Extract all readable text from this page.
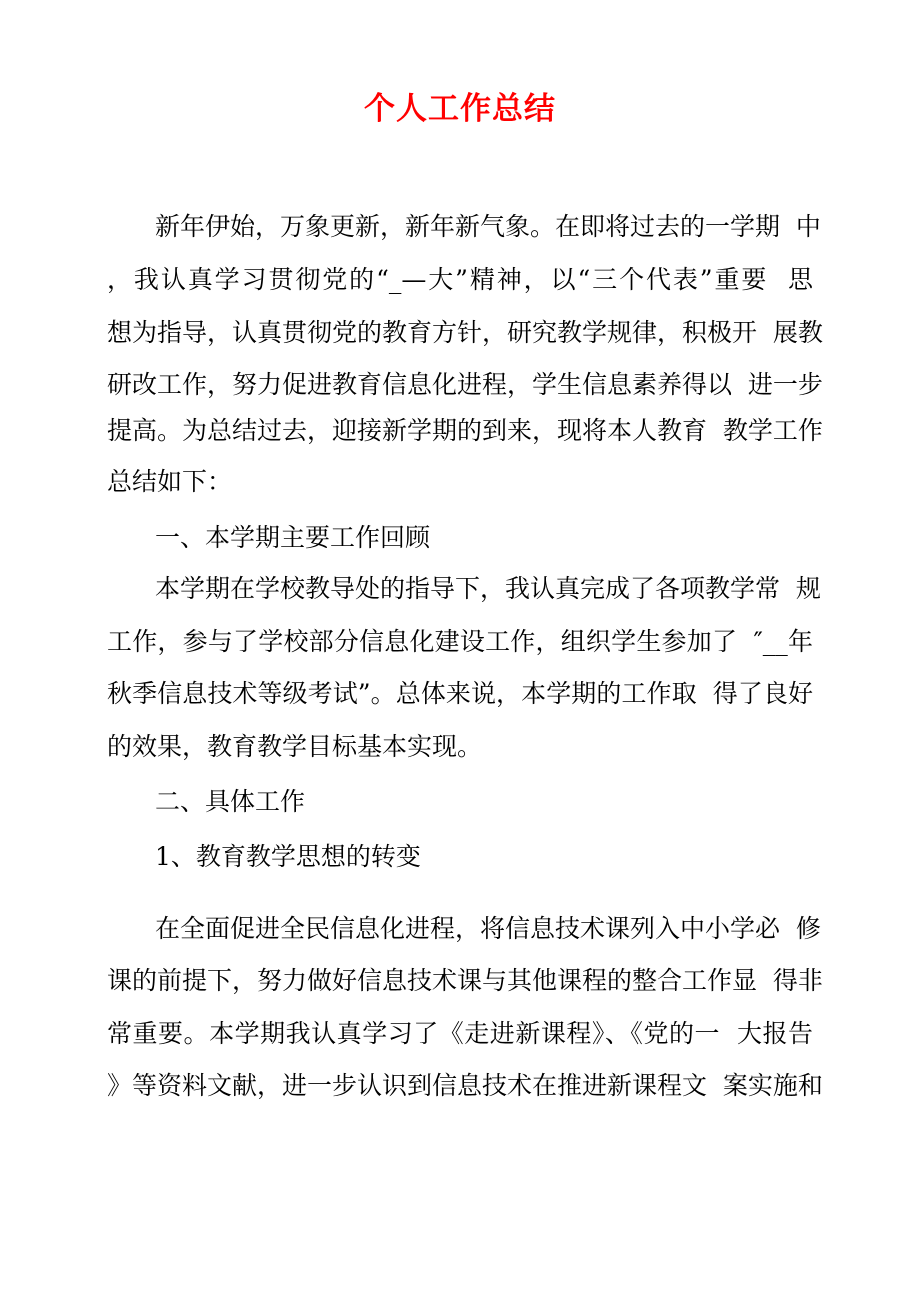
个人工作总结
新年伊始，万象更新，新年新气象。在即将过去的一学期  中
，我认真学习贯彻党的“_—大”精神，以“三个代表”重要  思
想为指导，认真贯彻党的教育方针，研究教学规律，积极开  展教
研改工作，努力促进教育信息化进程，学生信息素养得以  进一步
提高。为总结过去，迎接新学期的到来，现将本人教育  教学工作
总结如下：
一、本学期主要工作回顾
本学期在学校教导处的指导下，我认真完成了各项教学常  规
工作，参与了学校部分信息化建设工作，组织学生参加了  ″__年
秋季信息技术等级考试”。总体来说，本学期的工作取  得了良好
的效果，教育教学目标基本实现。
二、具体工作
1、教育教学思想的转变
在全面促进全民信息化进程，将信息技术课列入中小学必  修
课的前提下，努力做好信息技术课与其他课程的整合工作显  得非
常重要。本学期我认真学习了《走进新课程》、《党的一  大报告
》等资料文献，进一步认识到信息技术在推进新课程文  案实施和
